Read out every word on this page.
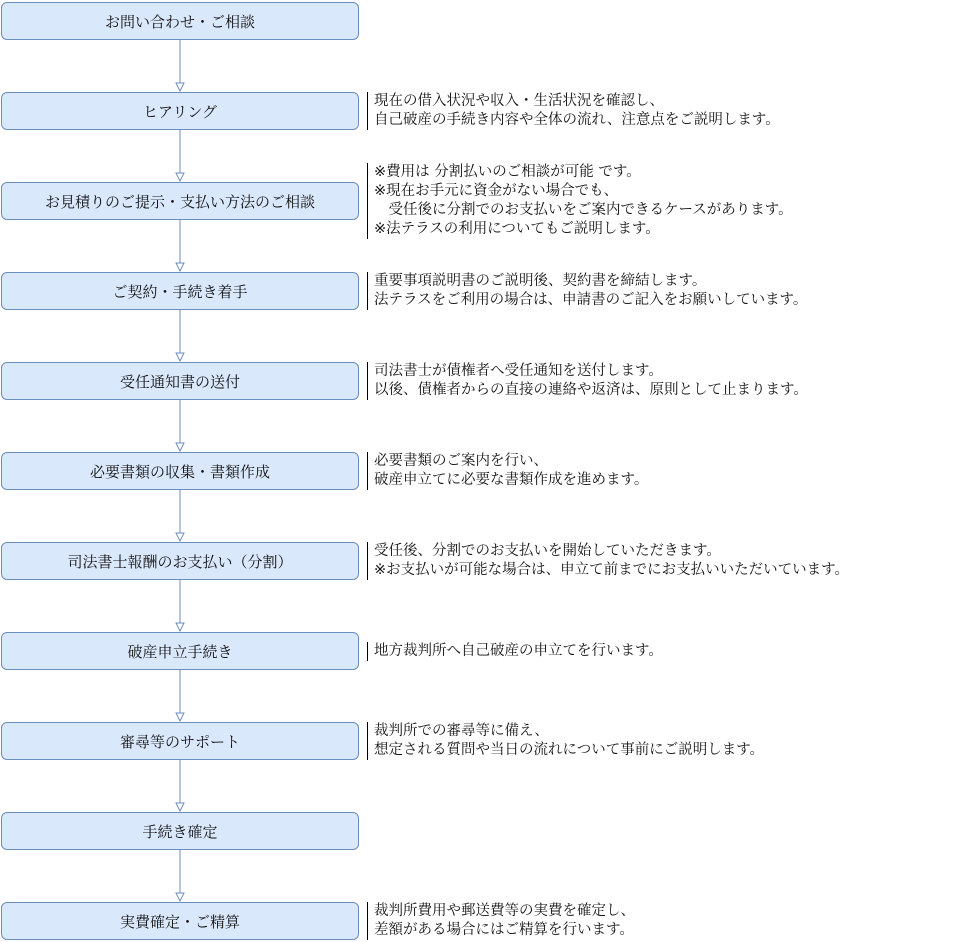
お問い合わせ・ご相談
ヒアリング
現在の借入状況や収入・生活状況を確認し、
自己破産の手続き内容や全体の流れ、注意点をご説明します。
お見積りのご提示・支払い方法のご相談
※費用は 分割払いのご相談が可能 です。
※現在お手元に資金がない場合でも、
　受任後に分割でのお支払いをご案内できるケースがあります。
※法テラスの利用についてもご説明します。
ご契約・手続き着手
重要事項説明書のご説明後、契約書を締結します。
法テラスをご利用の場合は、申請書のご記入をお願いしています。
受任通知書の送付
司法書士が債権者へ受任通知を送付します。
以後、債権者からの直接の連絡や返済は、原則として止まります。
必要書類の収集・書類作成
必要書類のご案内を行い、
破産申立てに必要な書類作成を進めます。
司法書士報酬のお支払い（分割）
受任後、分割でのお支払いを開始していただきます。
※お支払いが可能な場合は、申立て前までにお支払いいただいています。
破産申立手続き	地方裁判所へ自己破産の申立てを行います。
審尋等のサポート
裁判所での審尋等に備え、
想定される質問や当日の流れについて事前にご説明します。
手続き確定
実費確定・ご精算
裁判所費用や郵送費等の実費を確定し、
差額がある場合にはご精算を行います。
